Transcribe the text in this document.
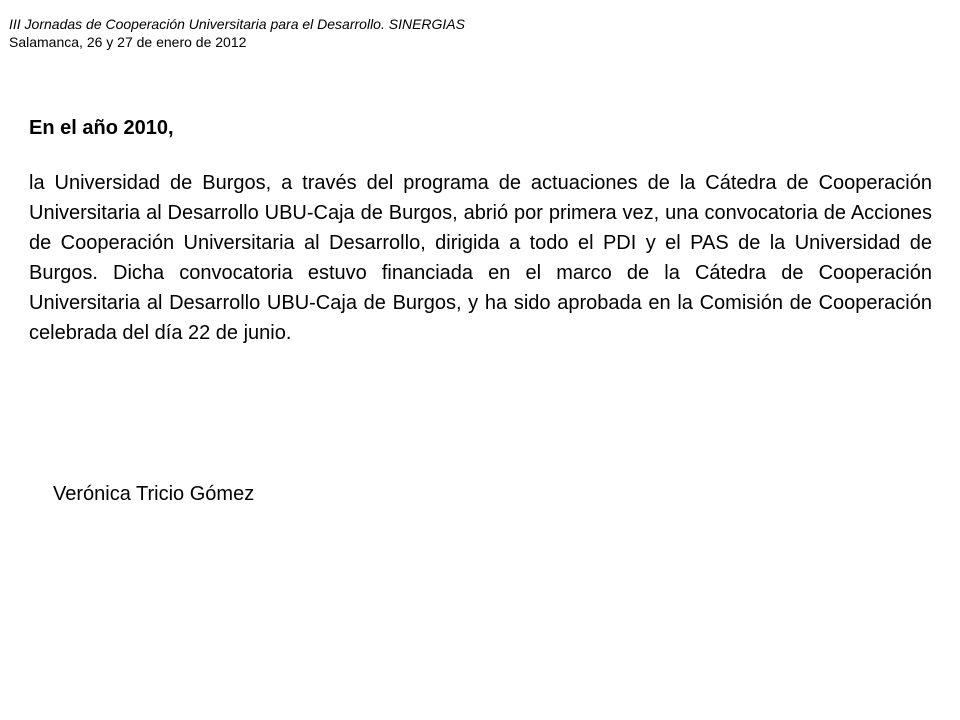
III Jornadas de Cooperación Universitaria para el Desarrollo. SINERGIAS
Salamanca, 26 y 27 de enero de 2012
En el año 2010,

la Universidad de Burgos, a través del programa de actuaciones de la Cátedra de Cooperación Universitaria al Desarrollo UBU-Caja de Burgos, abrió por primera vez, una convocatoria de Acciones de Cooperación Universitaria al Desarrollo, dirigida a todo el PDI y el PAS de la Universidad de Burgos. Dicha convocatoria estuvo financiada en el marco de la Cátedra de Cooperación Universitaria al Desarrollo UBU-Caja de Burgos, y ha sido aprobada en la Comisión de Cooperación celebrada del día 22 de junio.

Verónica Tricio Gómez
